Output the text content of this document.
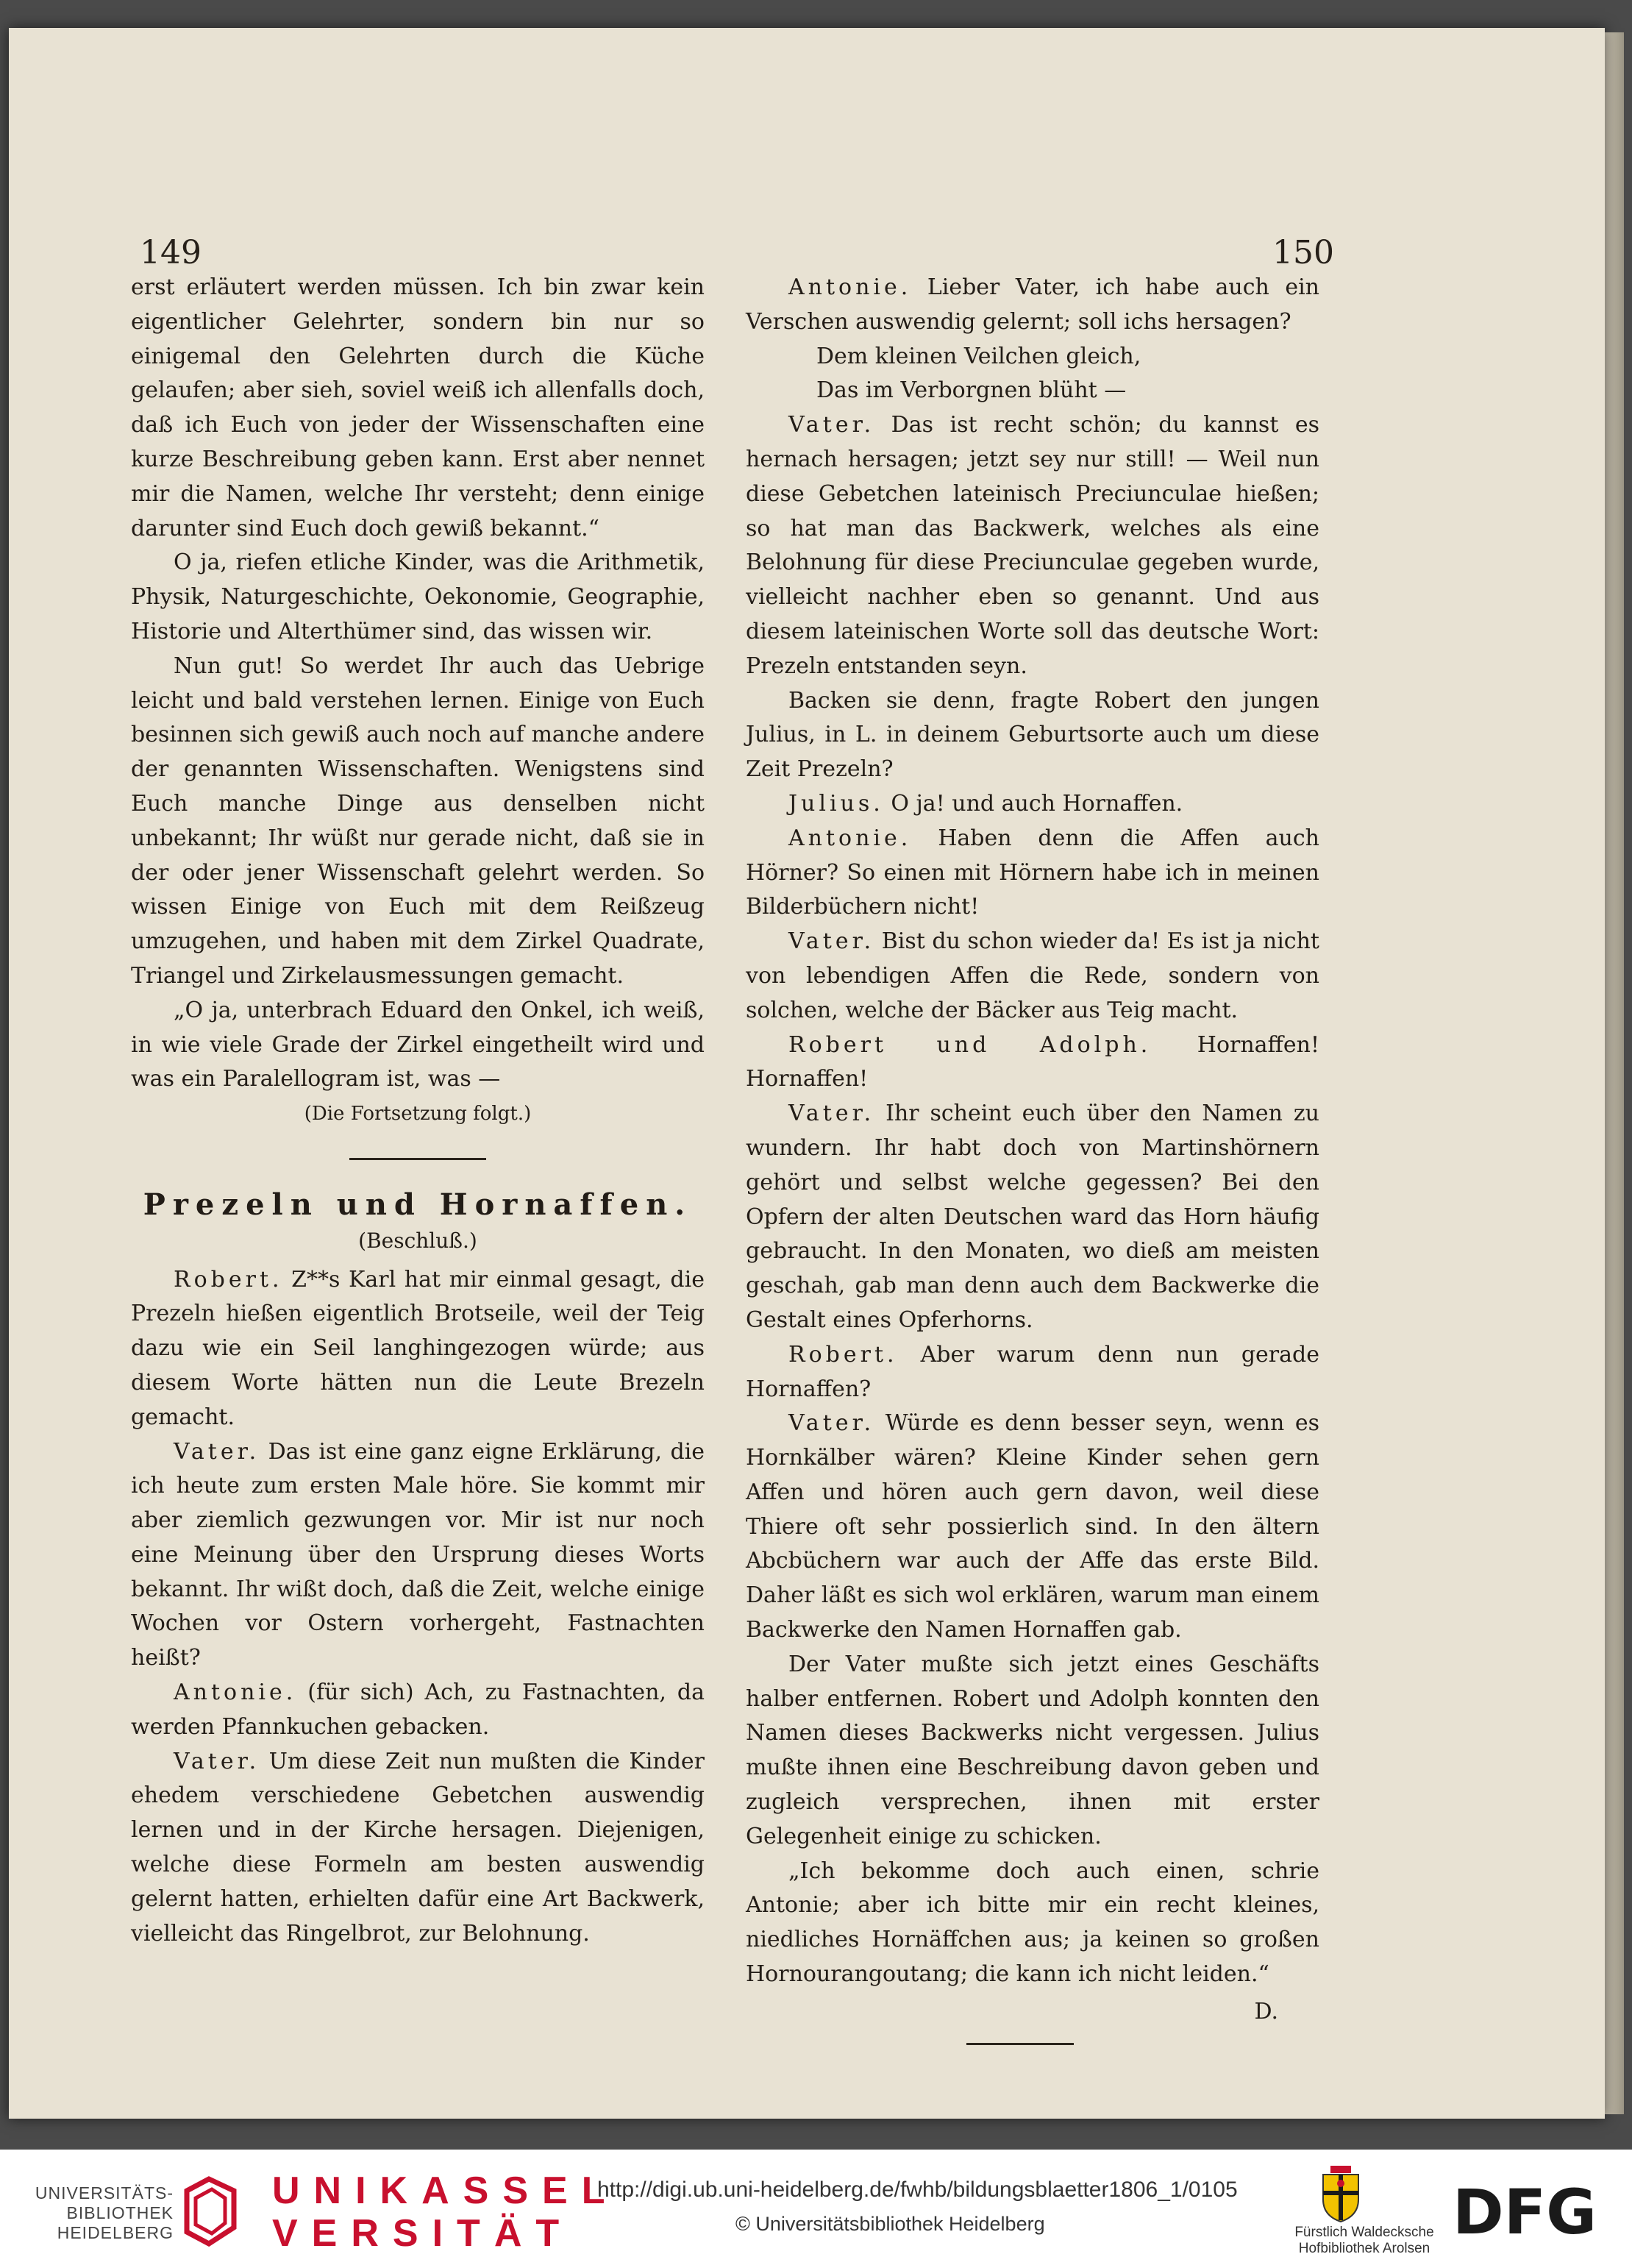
149

erst erläutert werden müssen. Ich bin zwar kein eigentlicher Gelehrter, sondern bin nur so einigemal den Gelehrten durch die Küche gelaufen; aber sieh, soviel weiß ich allenfalls doch, daß ich Euch von jeder der Wissenschaften eine kurze Beschreibung geben kann. Erst aber nennet mir die Namen, welche Ihr versteht; denn einige darunter sind Euch doch gewiß bekannt.“

O ja, riefen etliche Kinder, was die Arithmetik, Physik, Naturgeschichte, Oekonomie, Geographie, Historie und Alterthümer sind, das wissen wir.

Nun gut! So werdet Ihr auch das Uebrige leicht und bald verstehen lernen. Einige von Euch besinnen sich gewiß auch noch auf manche andere der genannten Wissenschaften. Wenigstens sind Euch manche Dinge aus denselben nicht unbekannt; Ihr wüßt nur gerade nicht, daß sie in der oder jener Wissenschaft gelehrt werden. So wissen Einige von Euch mit dem Reißzeug umzugehen, und haben mit dem Zirkel Quadrate, Triangel und Zirkelausmessungen gemacht.

„O ja, unterbrach Eduard den Onkel, ich weiß, in wie viele Grade der Zirkel eingetheilt wird und was ein Paralellogram ist, was —

(Die Fortsetzung folgt.)

Prezeln und Hornaffen.
(Beschluß.)

Robert. Z**s Karl hat mir einmal gesagt, die Prezeln hießen eigentlich Brotseile, weil der Teig dazu wie ein Seil langhingezogen würde; aus diesem Worte hätten nun die Leute Brezeln gemacht.

Vater. Das ist eine ganz eigne Erklärung, die ich heute zum ersten Male höre. Sie kommt mir aber ziemlich gezwungen vor. Mir ist nur noch eine Meinung über den Ursprung dieses Worts bekannt. Ihr wißt doch, daß die Zeit, welche einige Wochen vor Ostern vorhergeht, Fastnachten heißt?

Antonie. (für sich) Ach, zu Fastnachten, da werden Pfannkuchen gebacken.

Vater. Um diese Zeit nun mußten die Kinder ehedem verschiedene Gebetchen auswendig lernen und in der Kirche hersagen. Diejenigen, welche diese Formeln am besten auswendig gelernt hatten, erhielten dafür eine Art Backwerk, vielleicht das Ringelbrot, zur Belohnung.

150

Antonie. Lieber Vater, ich habe auch ein Verschen auswendig gelernt; soll ichs hersagen?

Dem kleinen Veilchen gleich,

Das im Verborgnen blüht —

Vater. Das ist recht schön; du kannst es hernach hersagen; jetzt sey nur still! — Weil nun diese Gebetchen lateinisch Preciunculae hießen; so hat man das Backwerk, welches als eine Belohnung für diese Preciunculae gegeben wurde, vielleicht nachher eben so genannt. Und aus diesem lateinischen Worte soll das deutsche Wort: Prezeln entstanden seyn.

Backen sie denn, fragte Robert den jungen Julius, in L. in deinem Geburtsorte auch um diese Zeit Prezeln?

Julius. O ja! und auch Hornaffen.

Antonie. Haben denn die Affen auch Hörner? So einen mit Hörnern habe ich in meinen Bilderbüchern nicht!

Vater. Bist du schon wieder da! Es ist ja nicht von lebendigen Affen die Rede, sondern von solchen, welche der Bäcker aus Teig macht.

Robert und Adolph. Hornaffen! Hornaffen!

Vater. Ihr scheint euch über den Namen zu wundern. Ihr habt doch von Martinshörnern gehört und selbst welche gegessen? Bei den Opfern der alten Deutschen ward das Horn häufig gebraucht. In den Monaten, wo dieß am meisten geschah, gab man denn auch dem Backwerke die Gestalt eines Opferhorns.

Robert. Aber warum denn nun gerade Hornaffen?

Vater. Würde es denn besser seyn, wenn es Hornkälber wären? Kleine Kinder sehen gern Affen und hören auch gern davon, weil diese Thiere oft sehr possierlich sind. In den ältern Abcbüchern war auch der Affe das erste Bild. Daher läßt es sich wol erklären, warum man einem Backwerke den Namen Hornaffen gab.

Der Vater mußte sich jetzt eines Geschäfts halber entfernen. Robert und Adolph konnten den Namen dieses Backwerks nicht vergessen. Julius mußte ihnen eine Beschreibung davon geben und zugleich versprechen, ihnen mit erster Gelegenheit einige zu schicken.

„Ich bekomme doch auch einen, schrie Antonie; aber ich bitte mir ein recht kleines, niedliches Hornäffchen aus; ja keinen so großen Hornourangoutang; die kann ich nicht leiden.“

D.
UNIVERSITÄTS-
BIBLIOTHEK
HEIDELBERG
UNIKASSEL
VERSITÄT
http://digi.ub.uni-heidelberg.de/fwhb/bildungsblaetter1806_1/0105
© Universitätsbibliothek Heidelberg	Fürstlich Waldecksche
Hofbibliothek Arolsen
DFG
